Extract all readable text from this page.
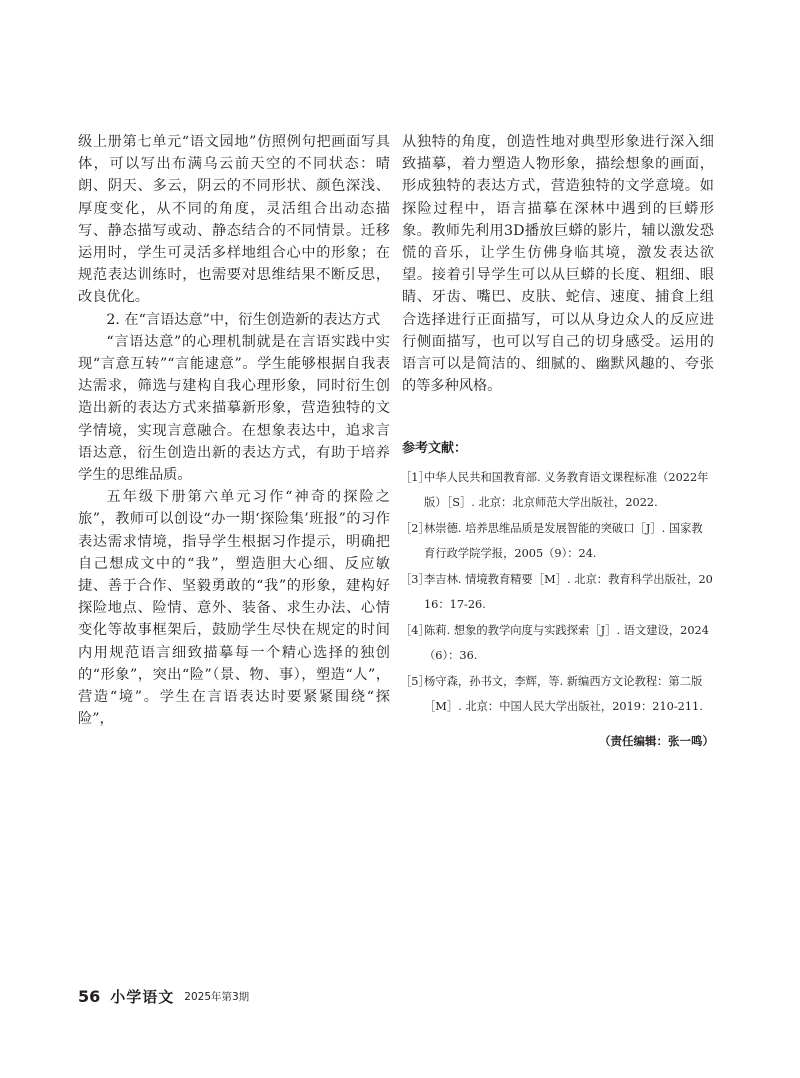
级上册第七单元“语文园地”仿照例句把画面写具体，可以写出布满乌云前天空的不同状态：晴朗、阴天、多云，阴云的不同形状、颜色深浅、厚度变化，从不同的角度，灵活组合出动态描写、静态描写或动、静态结合的不同情景。迁移运用时，学生可灵活多样地组合心中的形象；在规范表达训练时，也需要对思维结果不断反思，改良优化。

2. 在“言语达意”中，衍生创造新的表达方式

“言语达意”的心理机制就是在言语实践中实现“言意互转”“言能逮意”。学生能够根据自我表达需求，筛选与建构自我心理形象，同时衍生创造出新的表达方式来描摹新形象，营造独特的文学情境，实现言意融合。在想象表达中，追求言语达意，衍生创造出新的表达方式，有助于培养学生的思维品质。

五年级下册第六单元习作“神奇的探险之旅”，教师可以创设“办一期‘探险集’班报”的习作表达需求情境，指导学生根据习作提示，明确把自己想成文中的“我”，塑造胆大心细、反应敏捷、善于合作、坚毅勇敢的“我”的形象，建构好探险地点、险情、意外、装备、求生办法、心情变化等故事框架后，鼓励学生尽快在规定的时间内用规范语言细致描摹每一个精心选择的独创的“形象”，突出“险”（景、物、事），塑造“人”，营造“境”。学生在言语表达时要紧紧围绕“探险”，

从独特的角度，创造性地对典型形象进行深入细致描摹，着力塑造人物形象，描绘想象的画面，形成独特的表达方式，营造独特的文学意境。如探险过程中，语言描摹在深林中遇到的巨蟒形象。教师先利用3D播放巨蟒的影片，辅以激发恐慌的音乐，让学生仿佛身临其境，激发表达欲望。接着引导学生可以从巨蟒的长度、粗细、眼睛、牙齿、嘴巴、皮肤、蛇信、速度、捕食上组合选择进行正面描写，可以从身边众人的反应进行侧面描写，也可以写自己的切身感受。运用的语言可以是简洁的、细腻的、幽默风趣的、夸张的等多种风格。

参考文献：
［1］
中华人民共和国教育部. 义务教育语文课程标准（2022年版）［S］. 北京：北京师范大学出版社，2022.
［2］
林崇德. 培养思维品质是发展智能的突破口［J］. 国家教育行政学院学报，2005（9）：24.
［3］
李吉林. 情境教育精要［M］. 北京：教育科学出版社，2016：17-26.
［4］
陈莉. 想象的教学向度与实践探索［J］. 语文建设，2024（6）：36.
［5］
杨守森，孙书文，李辉，等. 新编西方文论教程：第二版［M］. 北京：中国人民大学出版社，2019：210-211.
（责任编辑：张一鸣）
56 小学语文 2025年第3期
